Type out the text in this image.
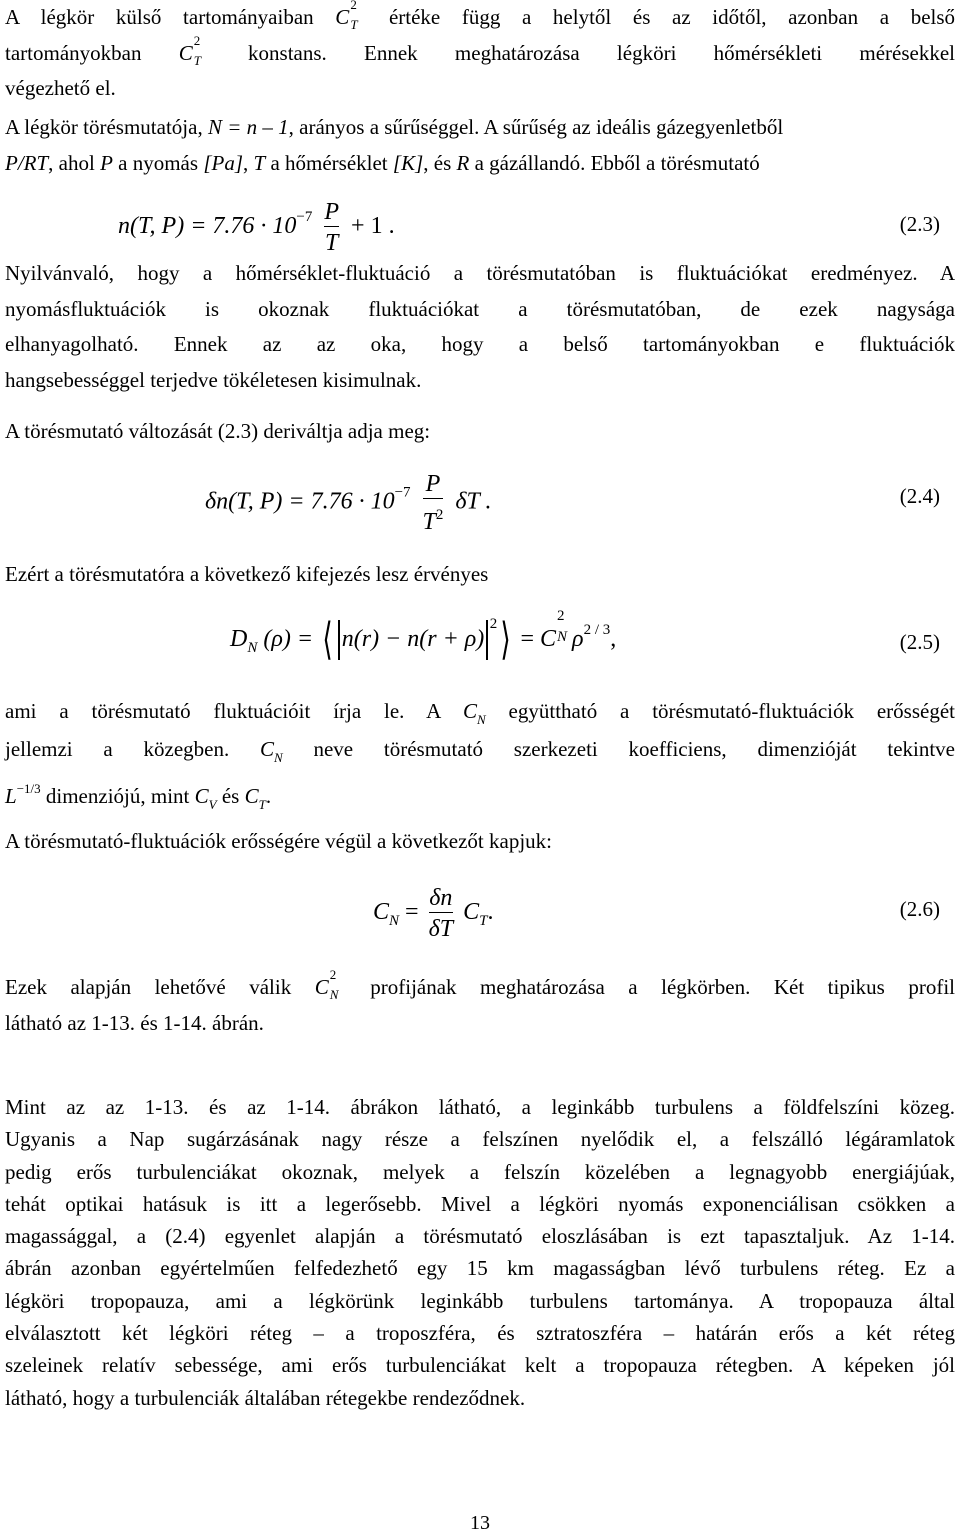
A légkör külső tartományaiban C
2
T értéke függ a helytől és az időtől, azonban a belső
tartományokban C
2
T konstans. Ennek meghatározása légköri hőmérsékleti mérésekkel
végezhető el.
A légkör törésmutatója, N = n – 1, arányos a sűrűséggel. A sűrűség az ideális gázegyenletből
P/RT, ahol P a nyomás [Pa], T a hőmérséklet [K], és R a gázállandó. Ebből a törésmutató
n(T, $P) = 7.76 \cdot 10^{-7} \frac{P}{T} + 1$ .	(2.3)
Nyilvánvaló, hogy a hőmérséklet-fluktuáció a törésmutatóban is fluktuációkat eredményez. A
nyomásfluktuációk is okoznak fluktuációkat a törésmutatóban, de ezek nagysága
elhanyagolható. Ennek az az oka, hogy a belső tartományokban e fluktuációk
hangsebességgel terjedve tökéletesen kisimulnak.
A törésmutató változását (2.3) deriváltja adja meg:
δn(T, $P) = 7.76 \cdot 10^{-7} \frac{P}{T^2}$ δT .	(2.4)
Ezért a törésmutatóra a következő kifejezés lesz érvényes
$D_N$ (ρ) = ⟨ $n(r) - n(r + \rho)^2⟩ = C$
2
N $\rho^{2 / 3}$,	(2.5)
ami a törésmutató fluktuációit írja le. A $C_N$ együttható a törésmutató-fluktuációk erősségét
jellemzi a közegben. $C_N$ neve törésmutató szerkezeti koefficiens, dimenzióját tekintve
$L^{-1/3}$ dimenziójú, mint $C_V$ és $C_T$.
A törésmutató-fluktuációk erősségére végül a következőt kapjuk:
$C_N = \frac{\delta n}{\delta T} C_T$.	(2.6)
Ezek alapján lehetővé válik C
2
N profijának meghatározása a légkörben. Két tipikus profil
látható az 1-13. és 1-14. ábrán.
Mint az az 1-13. és az 1-14. ábrákon látható, a leginkább turbulens a földfelszíni közeg.
Ugyanis a Nap sugárzásának nagy része a felszínen nyelődik el, a felszálló légáramlatok
pedig erős turbulenciákat okoznak, melyek a felszín közelében a legnagyobb energiájúak,
tehát optikai hatásuk is itt a legerősebb. Mivel a légköri nyomás exponenciálisan csökken a
magassággal, a (2.4) egyenlet alapján a törésmutató eloszlásában is ezt tapasztaljuk. Az 1-14.
ábrán azonban egyértelműen felfedezhető egy 15 km magasságban lévő turbulens réteg. Ez a
légköri tropopauza, ami a légkörünk leginkább turbulens tartománya. A tropopauza által
elválasztott két légköri réteg – a troposzféra, és sztratoszféra – határán erős a két réteg
szeleinek relatív sebessége, ami erős turbulenciákat kelt a tropopauza rétegben. A képeken jól
látható, hogy a turbulenciák általában rétegekbe rendeződnek.
13
